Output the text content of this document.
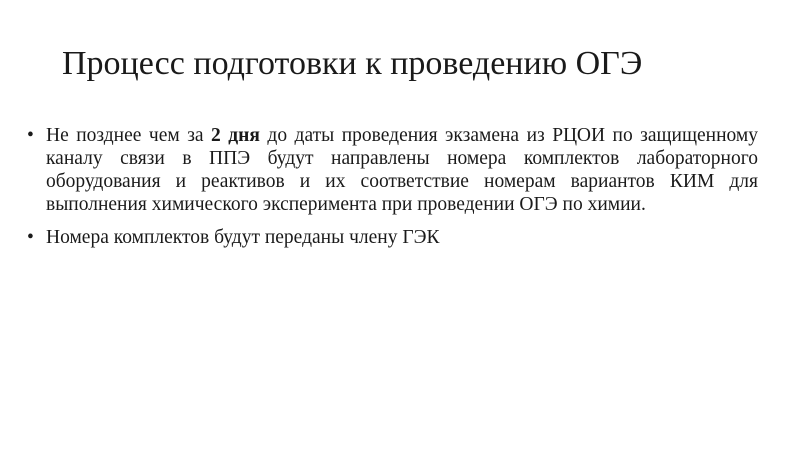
Процесс подготовки к проведению ОГЭ
• Не позднее чем за 2 дня до даты проведения экзамена из РЦОИ по защищенному каналу связи в ППЭ будут направлены номера комплектов лабораторного оборудования и реактивов и их соответствие номерам вариантов КИМ для выполнения химического эксперимента при проведении ОГЭ по химии.
• Номера комплектов будут переданы члену ГЭК
